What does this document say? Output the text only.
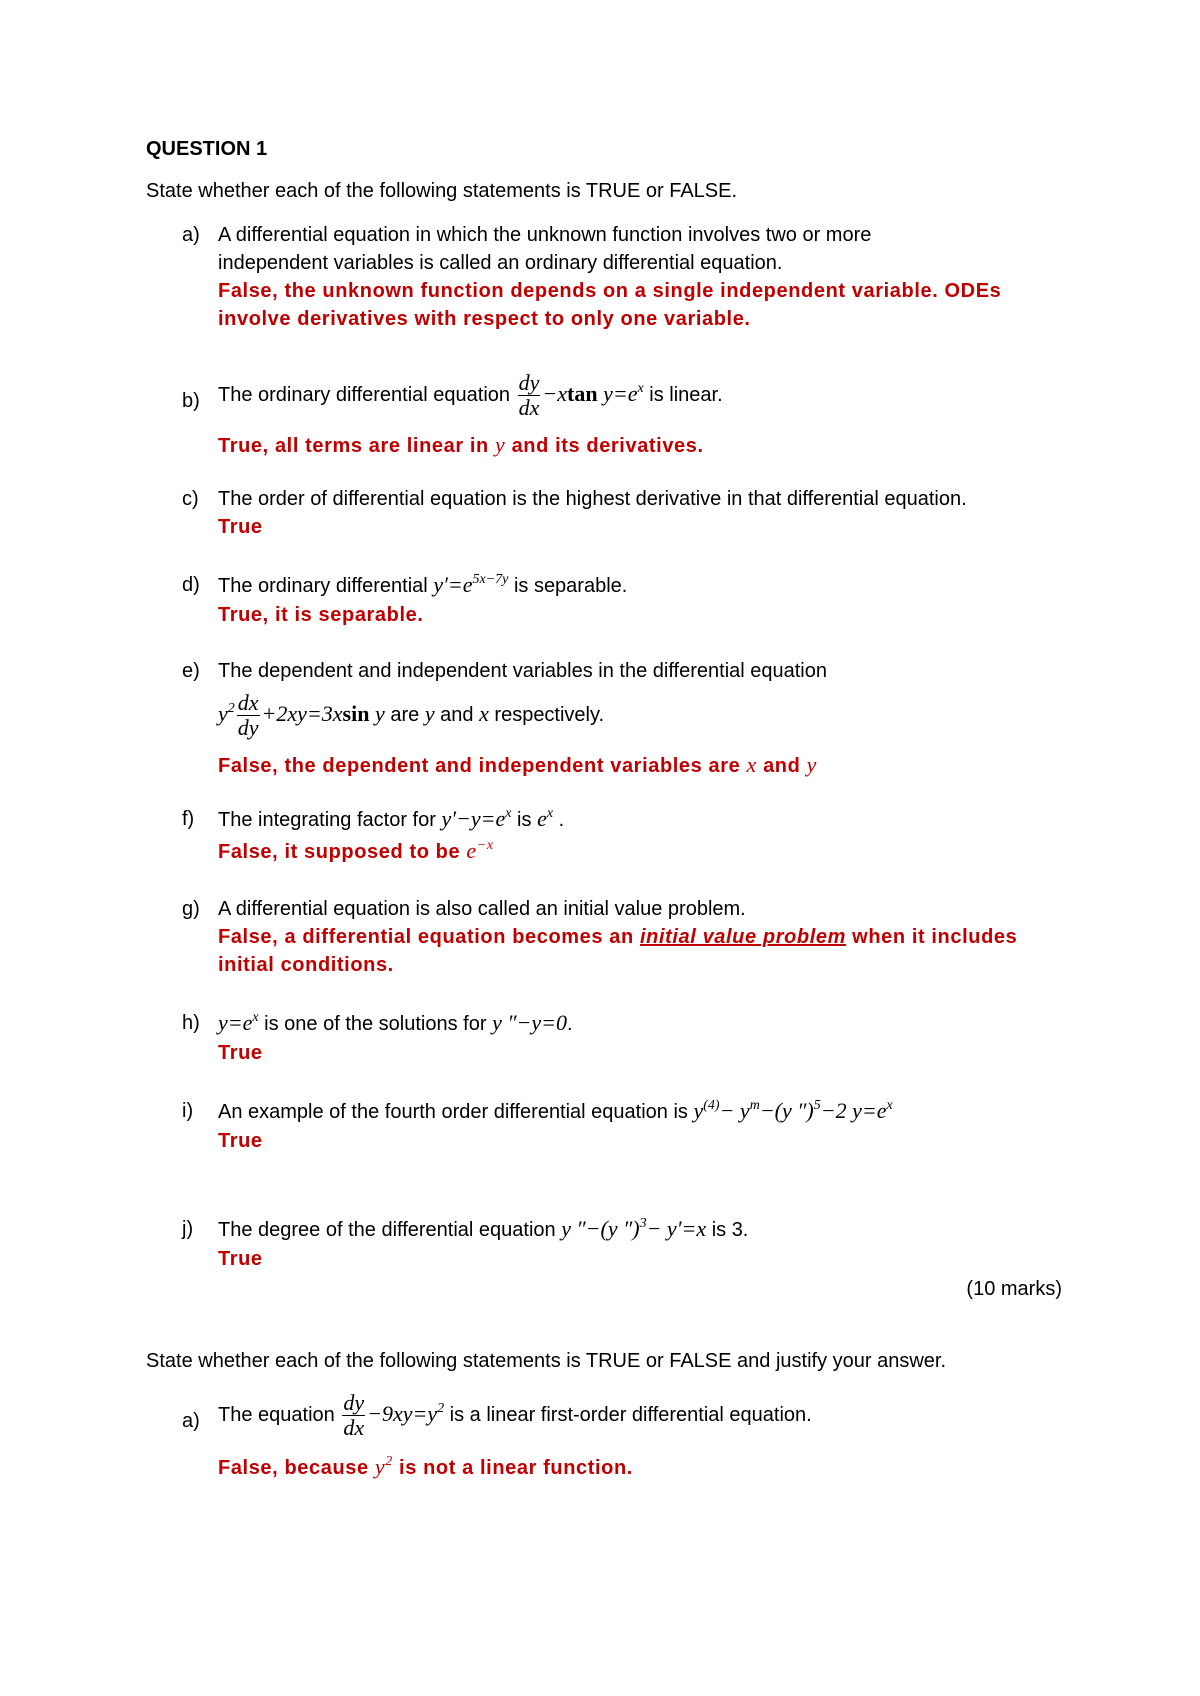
QUESTION 1
State whether each of the following statements is TRUE or FALSE.
a) A differential equation in which the unknown function involves two or more
independent variables is called an ordinary differential equation.
False, the unknown function depends on a single independent variable. ODEs
involve derivatives with respect to only one variable.
b) The ordinary differential equation $\frac{dy}{dx} -xtan$ $y=e^x$ is linear.
True, all terms are linear in y and its derivatives.
c) The order of differential equation is the highest derivative in that differential equation.
True
d) The ordinary differential $y'=e^{5x-7y}$ is separable.
True, it is separable.
e) The dependent and independent variables in the differential equation
$y^2 \frac{dx}{dy} +2xy=3xsin$ y are y and x respectively.
False, the dependent and independent variables are x and y
f)	The integrating factor for $y'-y=e^x$ is $e^x$ .
False, it supposed to be $e^{-x}$
g) A differential equation is also called an initial value problem.
False, a differential equation becomes an initial value problem when it includes
initial conditions.
h) $y=e^x$ is one of the solutions for y ″−y=0.
True
i)	An example of the fourth order differential equation is $y^{(4)}- y^m-(y$ ″)$^5$−2 $y=e^x$
True
j)	The degree of the differential equation y ″−(y ″)$^3$− y′=x is 3.
True
(10 marks)
State whether each of the following statements is TRUE or FALSE and justify your answer.
a) The equation $\frac{dy}{dx} -9xy=y^2$ is a linear first-order differential equation.
False, because $y^2$ is not a linear function.
